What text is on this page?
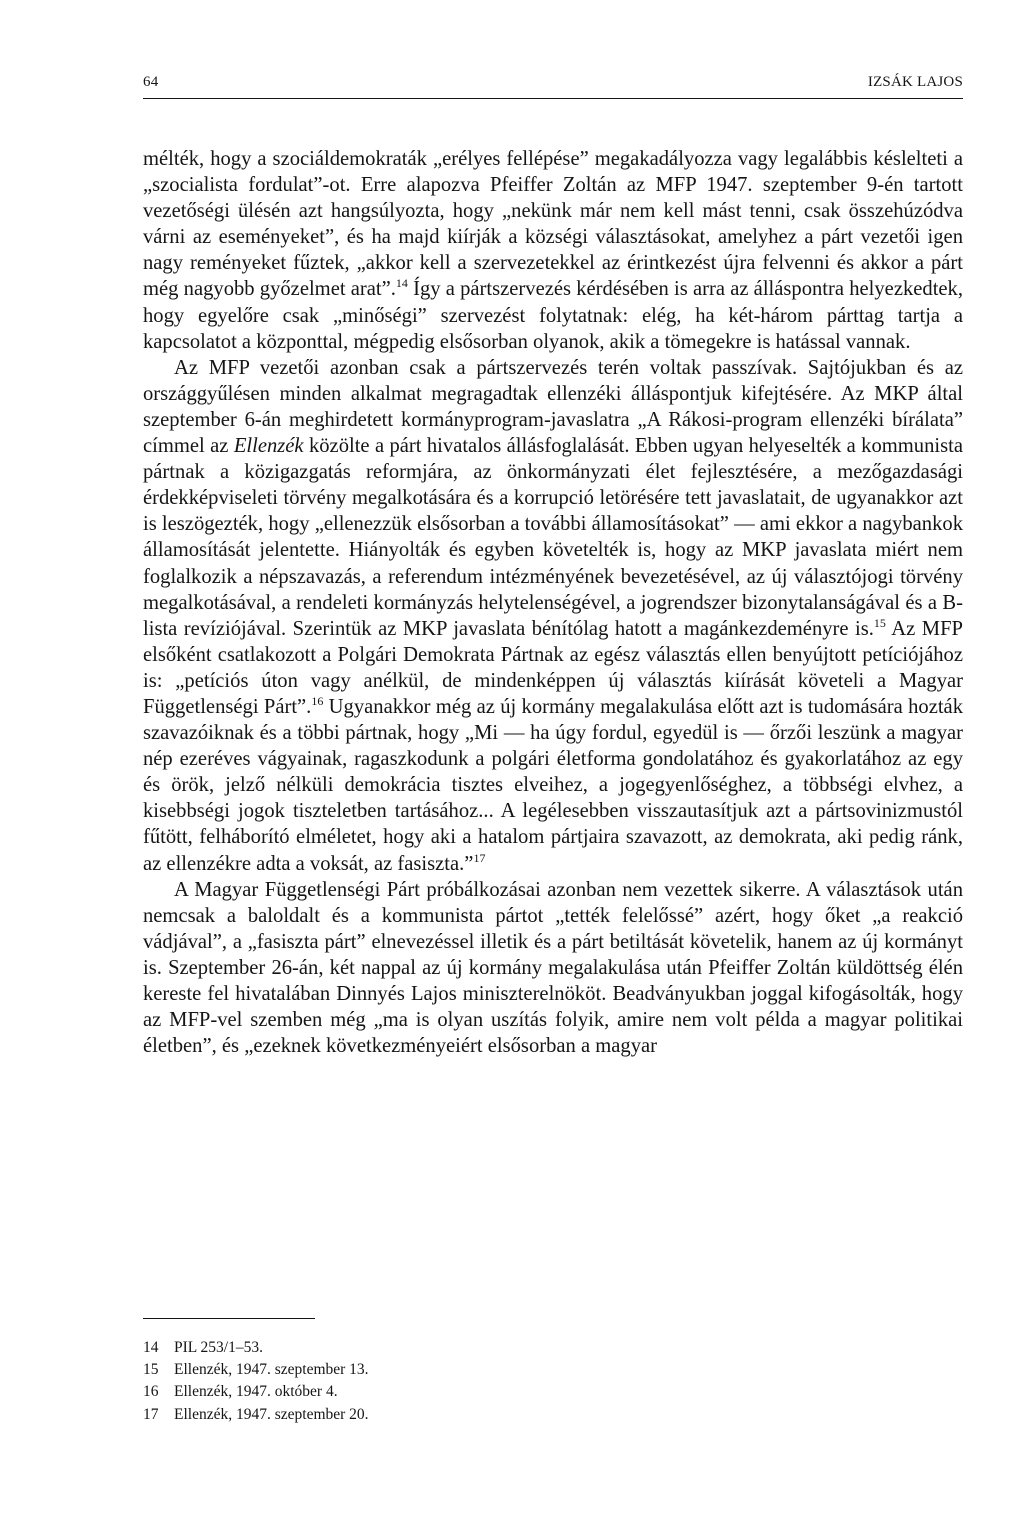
64	IZSÁK LAJOS

mélték, hogy a szociáldemokraták „erélyes fellépése” megakadályozza vagy legalábbis késlelteti a „szocialista fordulat”-ot. Erre alapozva Pfeiffer Zoltán az MFP 1947. szeptember 9-én tartott vezetőségi ülésén azt hangsúlyozta, hogy „nekünk már nem kell mást tenni, csak összehúzódva várni az eseményeket”, és ha majd kiírják a községi választásokat, amelyhez a párt vezetői igen nagy reményeket fűztek, „akkor kell a szervezetekkel az érintkezést újra felvenni és akkor a párt még nagyobb győzelmet arat”.$^{14}$ Így a pártszervezés kérdésében is arra az álláspontra helyezkedtek, hogy egyelőre csak „minőségi” szervezést folytatnak: elég, ha két-három párttag tartja a kapcsolatot a központtal, mégpedig elsősorban olyanok, akik a tömegekre is hatással vannak.

Az MFP vezetői azonban csak a pártszervezés terén voltak passzívak. Sajtójukban és az országgyűlésen minden alkalmat megragadtak ellenzéki álláspontjuk kifejtésére. Az MKP által szeptember 6-án meghirdetett kormányprogram-javaslatra „A Rákosi-program ellenzéki bírálata” címmel az Ellenzék közölte a párt hivatalos állásfoglalását. Ebben ugyan helyeselték a kommunista pártnak a közigazgatás reformjára, az önkormányzati élet fejlesztésére, a mezőgazdasági érdekképviseleti törvény megalkotására és a korrupció letörésére tett javaslatait, de ugyanakkor azt is leszögezték, hogy „ellenezzük elsősorban a további államosításokat” — ami ekkor a nagybankok államosítását jelentette. Hiányolták és egyben követelték is, hogy az MKP javaslata miért nem foglalkozik a népszavazás, a referendum intézményének bevezetésével, az új választójogi törvény megalkotásával, a rendeleti kormányzás helytelenségével, a jogrendszer bizonytalanságával és a B-lista revíziójával. Szerintük az MKP javaslata bénítólag hatott a magánkezdeményre is.$^{15}$ Az MFP elsőként csatlakozott a Polgári Demokrata Pártnak az egész választás ellen benyújtott petíciójához is: „petíciós úton vagy anélkül, de mindenképpen új választás kiírását követeli a Magyar Függetlenségi Párt”.$^{16}$ Ugyanakkor még az új kormány megalakulása előtt azt is tudomására hozták szavazóiknak és a többi pártnak, hogy „Mi — ha úgy fordul, egyedül is — őrzői leszünk a magyar nép ezeréves vágyainak, ragaszkodunk a polgári életforma gondolatához és gyakorlatához az egy és örök, jelző nélküli demokrácia tisztes elveihez, a jogegyenlőséghez, a többségi elvhez, a kisebbségi jogok tiszteletben tartásához... A legélesebben visszautasítjuk azt a pártsovinizmustól fűtött, felháborító elméletet, hogy aki a hatalom pártjaira szavazott, az demokrata, aki pedig ránk, az ellenzékre adta a voksát, az fasiszta.”$^{17}$

A Magyar Függetlenségi Párt próbálkozásai azonban nem vezettek sikerre. A választások után nemcsak a baloldalt és a kommunista pártot „tették felelőssé” azért, hogy őket „a reakció vádjával”, a „fasiszta párt” elnevezéssel illetik és a párt betiltását követelik, hanem az új kormányt is. Szeptember 26-án, két nappal az új kormány megalakulása után Pfeiffer Zoltán küldöttség élén kereste fel hivatalában Dinnyés Lajos miniszterelnököt. Beadványukban joggal kifogásolták, hogy az MFP-vel szemben még „ma is olyan uszítás folyik, amire nem volt példa a magyar politikai életben”, és „ezeknek következményeiért elsősorban a magyar

14 PIL 253/1–53.
15 Ellenzék, 1947. szeptember 13.
16 Ellenzék, 1947. október 4.
17 Ellenzék, 1947. szeptember 20.
